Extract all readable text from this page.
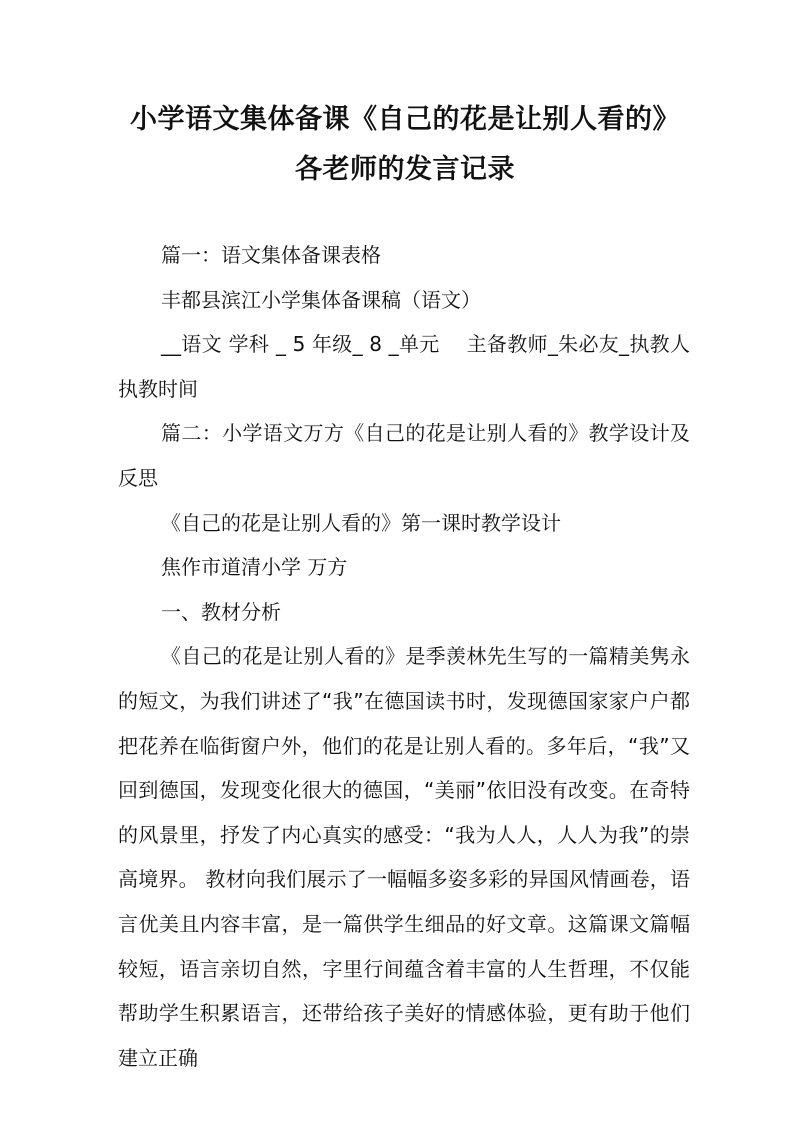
小学语文集体备课《自己的花是让别人看的》
各老师的发言记录

篇一：语文集体备课表格

丰都县滨江小学集体备课稿（语文）

__语文 学科 _ 5 年级_ 8 _单元　 主备教师_朱必友_执教人 执教时间

篇二：小学语文万方《自己的花是让别人看的》教学设计及反思

《自己的花是让别人看的》第一课时教学设计

焦作市道清小学 万方

一、教材分析

《自己的花是让别人看的》是季羡林先生写的一篇精美隽永的短文，为我们讲述了“我”在德国读书时，发现德国家家户户都把花养在临街窗户外，他们的花是让别人看的。多年后，“我”又回到德国，发现变化很大的德国，“美丽”依旧没有改变。在奇特的风景里，抒发了内心真实的感受：“我为人人，人人为我”的崇高境界。 教材向我们展示了一幅幅多姿多彩的异国风情画卷，语言优美且内容丰富，是一篇供学生细品的好文章。这篇课文篇幅较短，语言亲切自然，字里行间蕴含着丰富的人生哲理，不仅能帮助学生积累语言，还带给孩子美好的情感体验，更有助于他们建立正确
